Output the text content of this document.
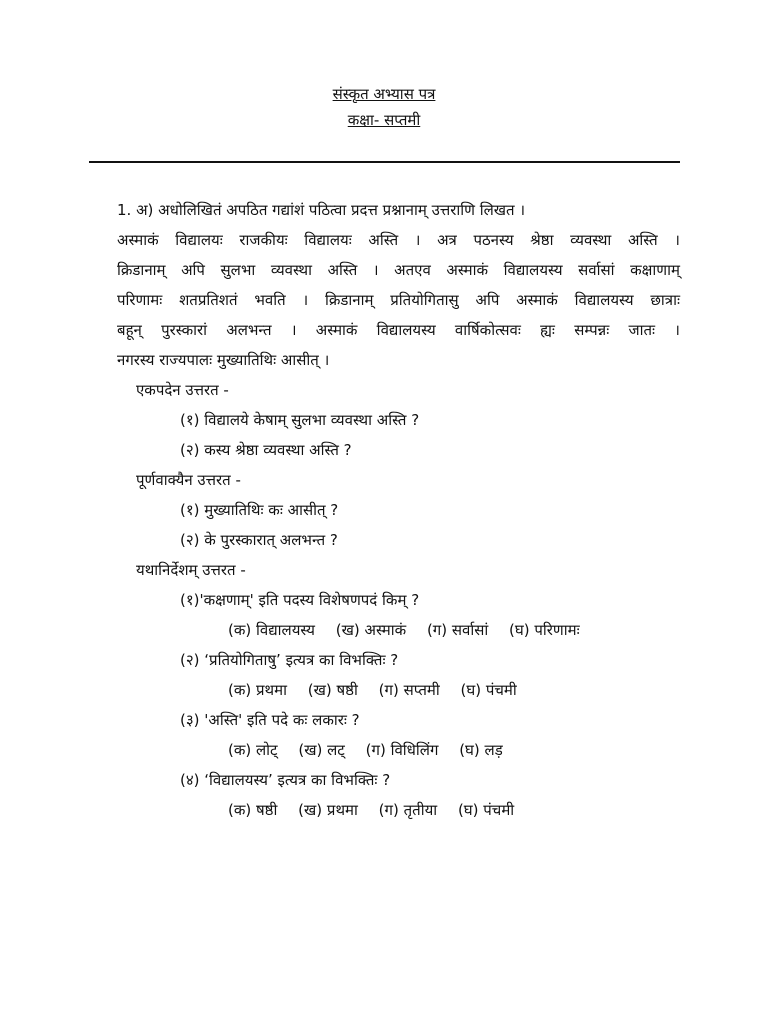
संस्कृत अभ्यास पत्र
कक्षा- सप्तमी
1. अ) अधोलिखितं अपठित गद्यांशं पठित्वा प्रदत्त प्रश्नानाम् उत्तराणि लिखत ।
अस्माकं विद्यालयः राजकीयः विद्यालयः अस्ति । अत्र पठनस्य श्रेष्ठा व्यवस्था अस्ति ।
क्रिडानाम् अपि सुलभा व्यवस्था अस्ति । अतएव अस्माकं विद्यालयस्य सर्वासां कक्षाणाम्
परिणामः शतप्रतिशतं भवति । क्रिडानाम् प्रतियोगितासु अपि अस्माकं विद्यालयस्य छात्राः
बहून् पुरस्कारां अलभन्त । अस्माकं विद्यालयस्य वार्षिकोत्सवः ह्यः सम्पन्नः जातः ।
नगरस्य राज्यपालः मुख्यातिथिः आसीत् ।
एकपदेन उत्तरत -
(१) विद्यालये केषाम् सुलभा व्यवस्था अस्ति ?
(२) कस्य श्रेष्ठा व्यवस्था अस्ति ?
पूर्णवाक्यैन उत्तरत -
(१) मुख्यातिथिः कः आसीत् ?
(२) के पुरस्कारात् अलभन्त ?
यथानिर्देशम् उत्तरत -
(१)'कक्षणाम्' इति पदस्य विशेषणपदं किम् ?
(क) विद्यालयस्य (ख) अस्माकं (ग) सर्वासां (घ) परिणामः
(२) ‘प्रतियोगिताषु’ इत्यत्र का विभक्तिः ?
(क) प्रथमा (ख) षष्ठी (ग) सप्तमी (घ) पंचमी
(३) 'अस्ति' इति पदे कः लकारः ?
(क) लोट् (ख) लट् (ग) विधिलिंग (घ) लड़
(४) ‘विद्यालयस्य’ इत्यत्र का विभक्तिः ?
(क) षष्ठी (ख) प्रथमा (ग) तृतीया (घ) पंचमी
